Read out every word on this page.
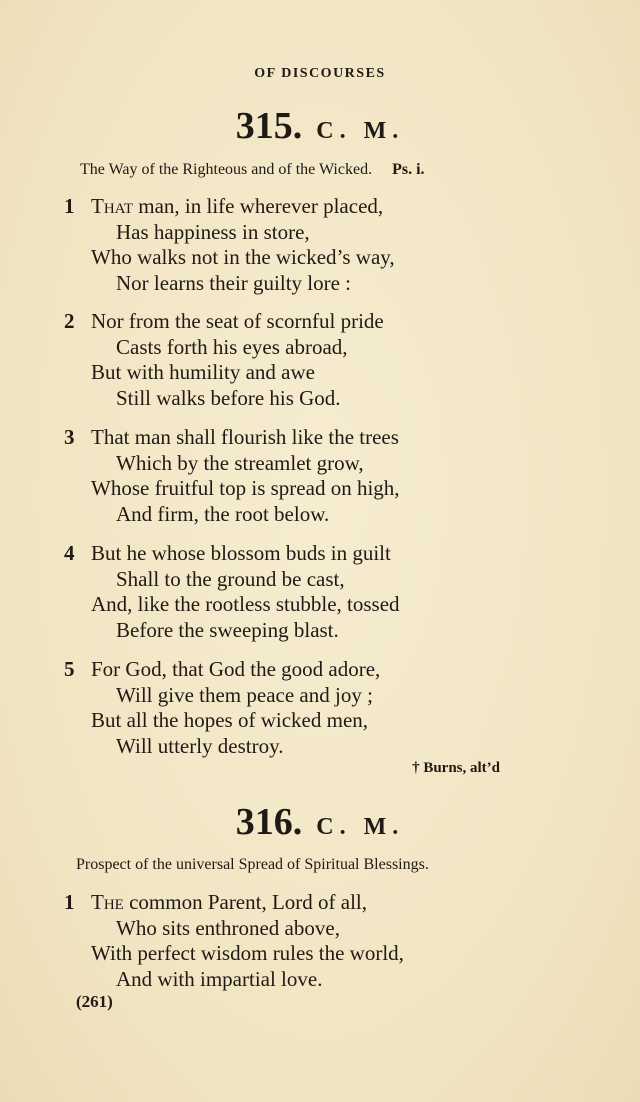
OF DISCOURSES
315. C. M.
The Way of the Righteous and of the Wicked. Ps. i.
1 That man, in life wherever placed,
Has happiness in store,
Who walks not in the wicked’s way,
Nor learns their guilty lore :
2 Nor from the seat of scornful pride
Casts forth his eyes abroad,
But with humility and awe
Still walks before his God.
3 That man shall flourish like the trees
Which by the streamlet grow,
Whose fruitful top is spread on high,
And firm, the root below.
4 But he whose blossom buds in guilt
Shall to the ground be cast,
And, like the rootless stubble, tossed
Before the sweeping blast.
5 For God, that God the good adore,
Will give them peace and joy ;
But all the hopes of wicked men,
Will utterly destroy.
† Burns, alt’d
316. C. M.
Prospect of the universal Spread of Spiritual Blessings.
1 The common Parent, Lord of all,
Who sits enthroned above,
With perfect wisdom rules the world,
And with impartial love.
(261)
